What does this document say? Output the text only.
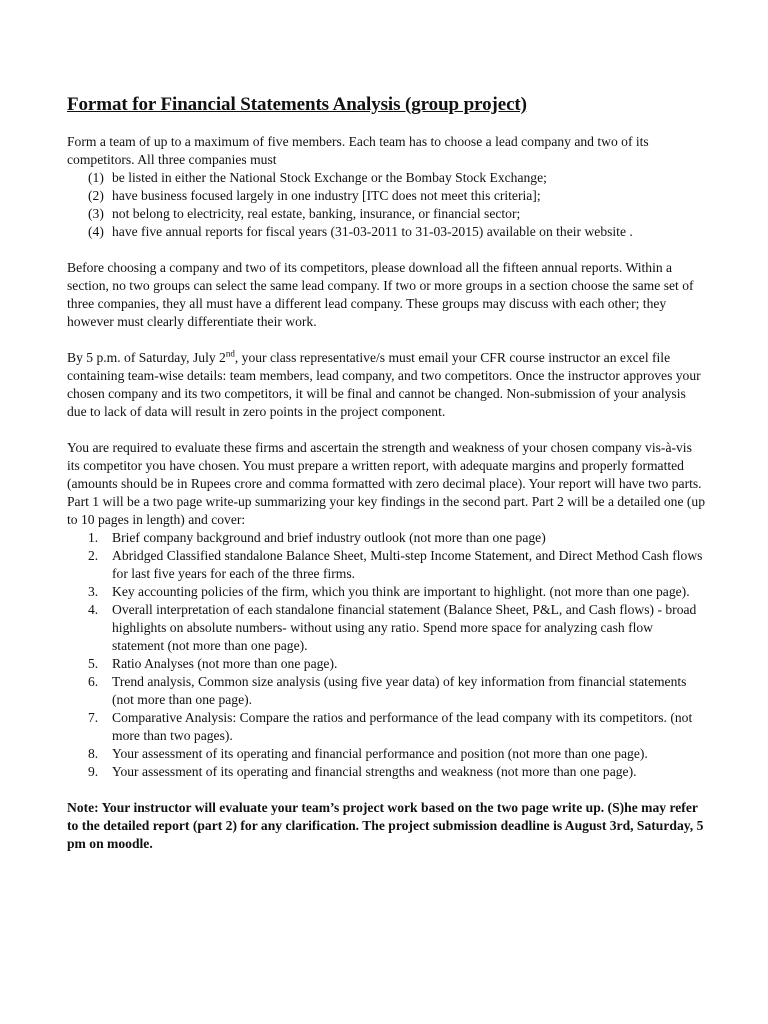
Format for Financial Statements Analysis (group project)

Form a team of up to a maximum of five members. Each team has to choose a lead company and two of its competitors. All three companies must

(1) be listed in either the National Stock Exchange or the Bombay Stock Exchange;
(2) have business focused largely in one industry [ITC does not meet this criteria];
(3) not belong to electricity, real estate, banking, insurance, or financial sector;
(4) have five annual reports for fiscal years (31-03-2011 to 31-03-2015) available on their website .

Before choosing a company and two of its competitors, please download all the fifteen annual reports. Within a section, no two groups can select the same lead company. If two or more groups in a section choose the same set of three companies, they all must have a different lead company. These groups may discuss with each other; they however must clearly differentiate their work.

By 5 p.m. of Saturday, July 2nd, your class representative/s must email your CFR course instructor an excel file containing team-wise details: team members, lead company, and two competitors. Once the instructor approves your chosen company and its two competitors, it will be final and cannot be changed. Non-submission of your analysis due to lack of data will result in zero points in the project component.

You are required to evaluate these firms and ascertain the strength and weakness of your chosen company vis-à-vis its competitor you have chosen. You must prepare a written report, with adequate margins and properly formatted (amounts should be in Rupees crore and comma formatted with zero decimal place). Your report will have two parts. Part 1 will be a two page write-up summarizing your key findings in the second part. Part 2 will be a detailed one (up to 10 pages in length) and cover:

1.	Brief company background and brief industry outlook (not more than one page)
2.	Abridged Classified standalone Balance Sheet, Multi-step Income Statement, and Direct Method Cash flows for last five years for each of the three firms.
3.	Key accounting policies of the firm, which you think are important to highlight. (not more than one page).
4.	Overall interpretation of each standalone financial statement (Balance Sheet, P&L, and Cash flows) - broad highlights on absolute numbers- without using any ratio. Spend more space for analyzing cash flow statement (not more than one page).
5.	Ratio Analyses (not more than one page).
6.	Trend analysis, Common size analysis (using five year data) of key information from financial statements (not more than one page).
7.	Comparative Analysis: Compare the ratios and performance of the lead company with its competitors. (not more than two pages).
8.	Your assessment of its operating and financial performance and position (not more than one page).
9.	Your assessment of its operating and financial strengths and weakness (not more than one page).

Note: Your instructor will evaluate your team’s project work based on the two page write up. (S)he may refer to the detailed report (part 2) for any clarification. The project submission deadline is August 3rd, Saturday, 5 pm on moodle.
